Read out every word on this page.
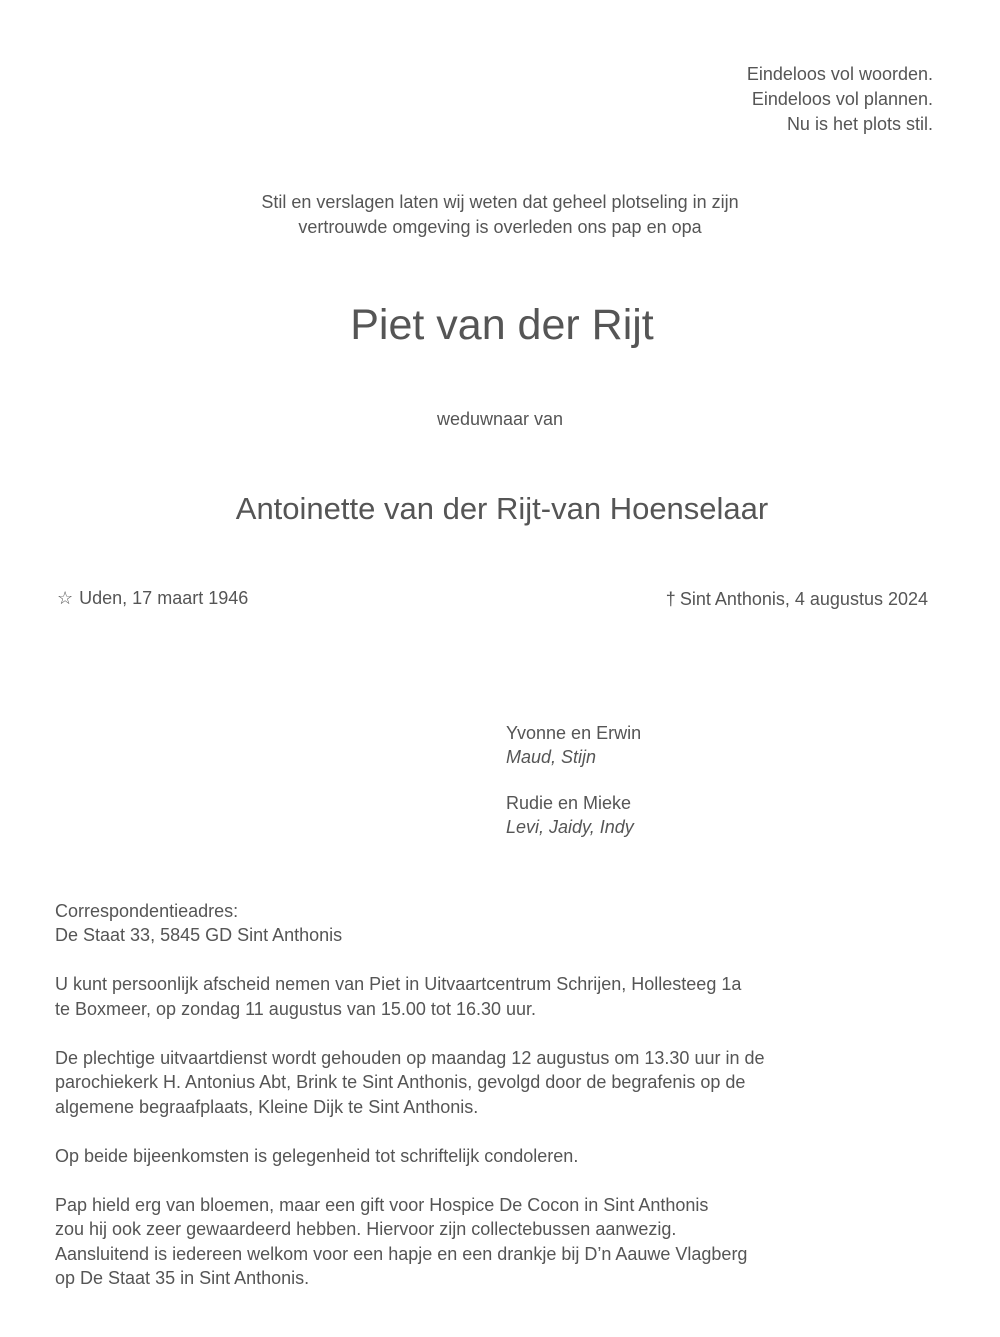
Eindeloos vol woorden.
Eindeloos vol plannen.
Nu is het plots stil.
Stil en verslagen laten wij weten dat geheel plotseling in zijn
vertrouwde omgeving is overleden ons pap en opa
Piet van der Rijt
weduwnaar van
Antoinette van der Rijt-van Hoenselaar
☆ Uden, 17 maart 1946	† Sint Anthonis, 4 augustus 2024
Yvonne en Erwin
Maud, Stijn
Rudie en Mieke
Levi, Jaidy, Indy

Correspondentieadres:
De Staat 33, 5845 GD Sint Anthonis

U kunt persoonlijk afscheid nemen van Piet in Uitvaartcentrum Schrijen, Hollesteeg 1a
te Boxmeer, op zondag 11 augustus van 15.00 tot 16.30 uur.

De plechtige uitvaartdienst wordt gehouden op maandag 12 augustus om 13.30 uur in de
parochiekerk H. Antonius Abt, Brink te Sint Anthonis, gevolgd door de begrafenis op de
algemene begraafplaats, Kleine Dijk te Sint Anthonis.

Op beide bijeenkomsten is gelegenheid tot schriftelijk condoleren.

Pap hield erg van bloemen, maar een gift voor Hospice De Cocon in Sint Anthonis
zou hij ook zeer gewaardeerd hebben. Hiervoor zijn collectebussen aanwezig.
Aansluitend is iedereen welkom voor een hapje en een drankje bij D’n Aauwe Vlagberg
op De Staat 35 in Sint Anthonis.
